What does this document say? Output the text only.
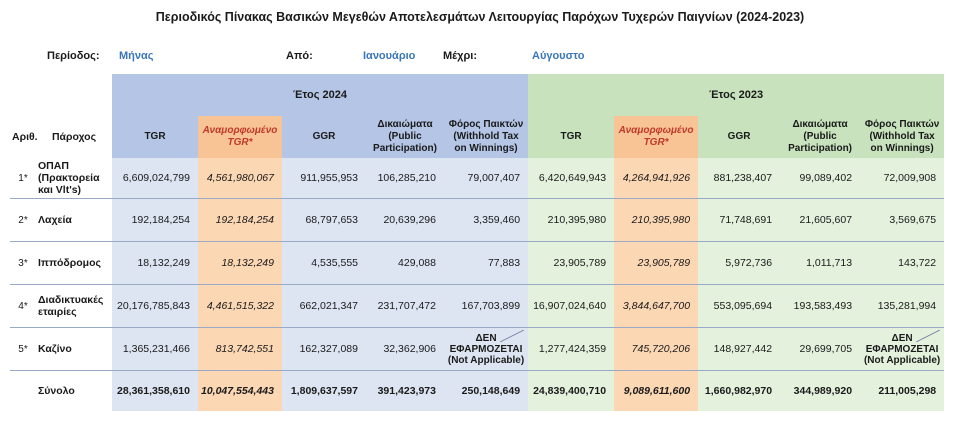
Περιοδικός Πίνακας Βασικών Μεγεθών Αποτελεσμάτων Λειτουργίας Παρόχων Τυχερών Παιγνίων (2024-2023)
Περίοδος: Μήνας	Από:	Ιανουάριο	Μέχρι:	Αύγουστο
		Έτος 2024					Έτος 2023				
Αριθ.	Πάροχος	TGR	Αναμορφωμένο TGR*	GGR	Δικαιώματα (Public Participation)	Φόρος Παικτών (Withhold Tax on Winnings)	TGR	Αναμορφωμένο TGR*	GGR	Δικαιώματα (Public Participation)	Φόρος Παικτών (Withhold Tax on Winnings)
1*	ΟΠΑΠ (Πρακτορεία και Vlt's)	6,609,024,799	4,561,980,067	911,955,953	106,285,210	79,007,407	6,420,649,943	4,264,941,926	881,238,407	99,089,402	72,009,908
2*	Λαχεία	192,184,254	192,184,254	68,797,653	20,639,296	3,359,460	210,395,980	210,395,980	71,748,691	21,605,607	3,569,675
3*	Ιππόδρομος	18,132,249	18,132,249	4,535,555	429,088	77,883	23,905,789	23,905,789	5,972,736	1,011,713	143,722
4*	Διαδικτυακές εταιρίες	20,176,785,843	4,461,515,322	662,021,347	231,707,472	167,703,899	16,907,024,640	3,844,647,700	553,095,694	193,583,493	135,281,994
5*	Καζίνο	1,365,231,466	813,742,551	162,327,089	32,362,906	ΔΕΝ ΕΦΑΡΜΟΖΕΤΑΙ (Not Applicable)	1,277,424,359	745,720,206	148,927,442	29,699,705	ΔΕΝ ΕΦΑΡΜΟΖΕΤΑΙ (Not Applicable)
	Σύνολο	28,361,358,610	10,047,554,443	1,809,637,597	391,423,973	250,148,649	24,839,400,710	9,089,611,600	1,660,982,970	344,989,920	211,005,298
